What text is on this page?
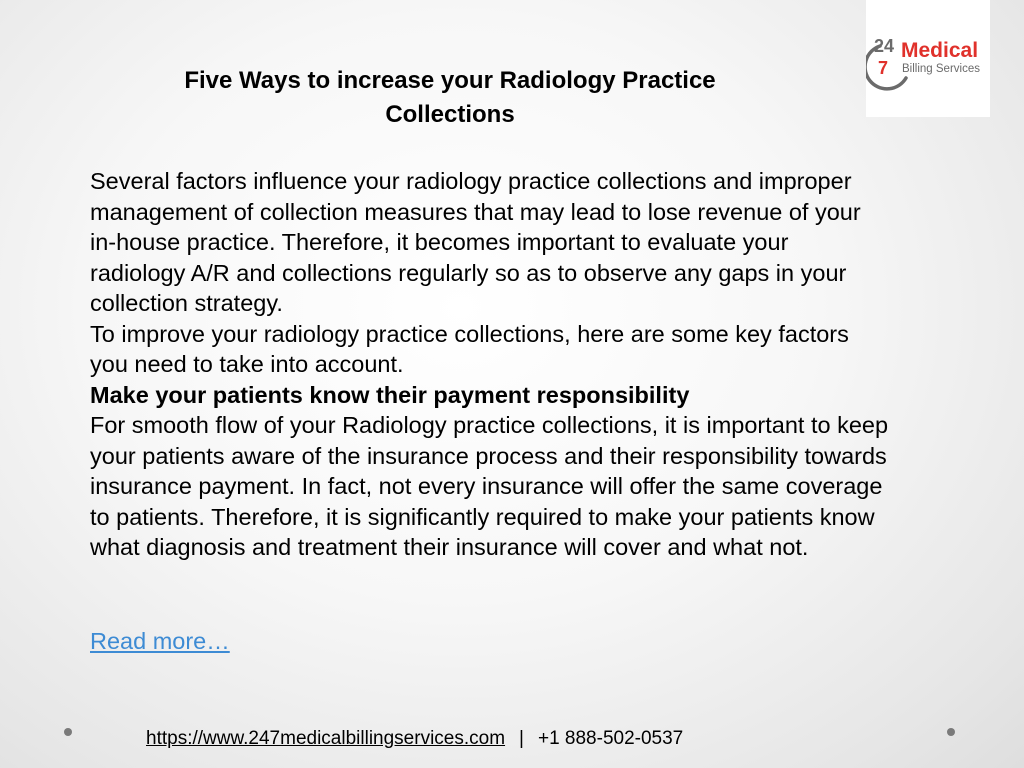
24
7
Medical
Billing Services
Five Ways to increase your Radiology Practice Collections

Several factors influence your radiology practice collections and improper management of collection measures that may lead to lose revenue of your in-house practice. Therefore, it becomes important to evaluate your radiology A/R and collections regularly so as to observe any gaps in your collection strategy.

To improve your radiology practice collections, here are some key factors you need to take into account.

Make your patients know their payment responsibility

For smooth flow of your Radiology practice collections, it is important to keep your patients aware of the insurance process and their responsibility towards insurance payment. In fact, not every insurance will offer the same coverage to patients. Therefore, it is significantly required to make your patients know what diagnosis and treatment their insurance will cover and what not.

Read more…
https://www.247medicalbillingservices.com | +1 888-502-0537
